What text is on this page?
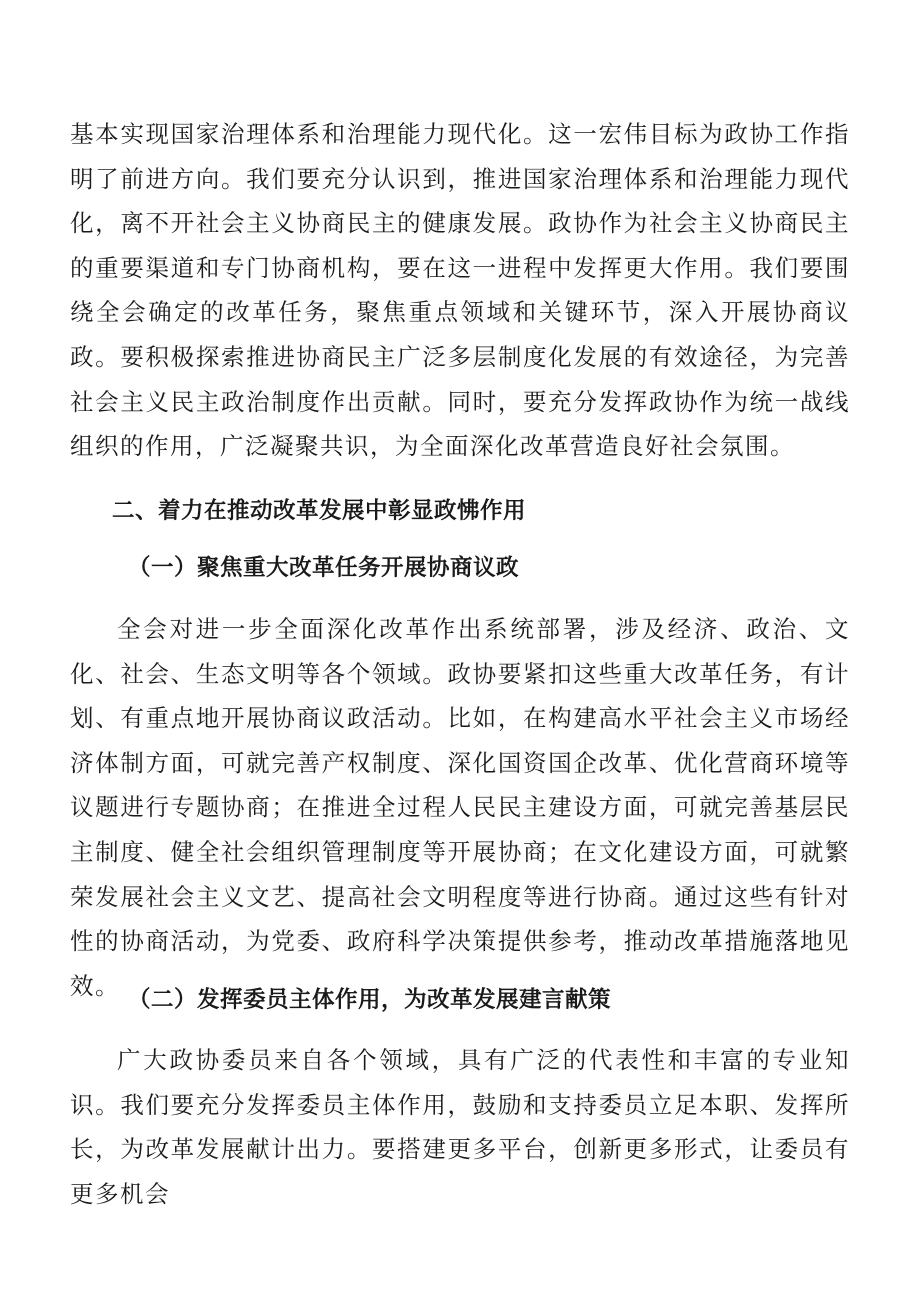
基本实现国家治理体系和治理能力现代化。这一宏伟目标为政协工作指明了前进方向。我们要充分认识到，推进国家治理体系和治理能力现代化，离不开社会主义协商民主的健康发展。政协作为社会主义协商民主的重要渠道和专门协商机构，要在这一进程中发挥更大作用。我们要围绕全会确定的改革任务，聚焦重点领域和关键环节，深入开展协商议政。要积极探索推进协商民主广泛多层制度化发展的有效途径，为完善社会主义民主政治制度作出贡献。同时，要充分发挥政协作为统一战线组织的作用，广泛凝聚共识，为全面深化改革营造良好社会氛围。

二、着力在推动改革发展中彰显政怫作用
（一）聚焦重大改革任务开展协商议政

全会对进一步全面深化改革作出系统部署，涉及经济、政治、文化、社会、生态文明等各个领域。政协要紧扣这些重大改革任务，有计划、有重点地开展协商议政活动。比如，在构建高水平社会主义市场经济体制方面，可就完善产权制度、深化国资国企改革、优化营商环境等议题进行专题协商；在推进全过程人民民主建设方面，可就完善基层民主制度、健全社会组织管理制度等开展协商；在文化建设方面，可就繁荣发展社会主义文艺、提高社会文明程度等进行协商。通过这些有针对性的协商活动，为党委、政府科学决策提供参考，推动改革措施落地见效。

（二）发挥委员主体作用，为改革发展建言献策

广大政协委员来自各个领域，具有广泛的代表性和丰富的专业知识。我们要充分发挥委员主体作用，鼓励和支持委员立足本职、发挥所长，为改革发展献计出力。要搭建更多平台，创新更多形式，让委员有更多机会
